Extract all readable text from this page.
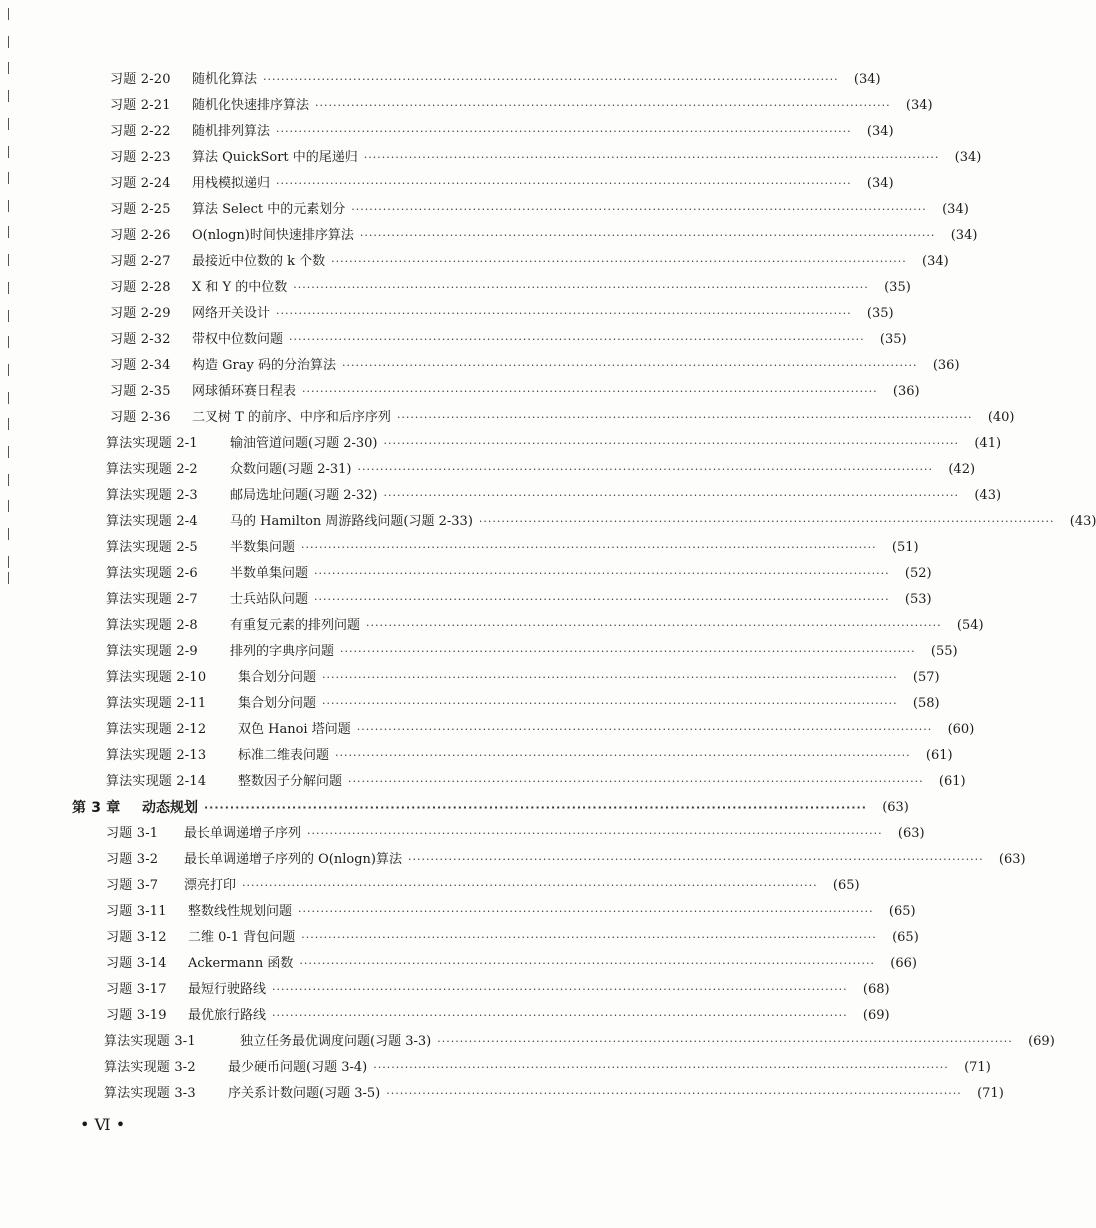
习题 2-20	随机化算法 ································································································································	(34)
习题 2-21	随机化快速排序算法 ································································································································	(34)
习题 2-22	随机排列算法 ································································································································	(34)
习题 2-23	算法 QuickSort 中的尾递归 ································································································································	(34)
习题 2-24	用栈模拟递归 ································································································································	(34)
习题 2-25	算法 Select 中的元素划分 ································································································································	(34)
习题 2-26	O(nlogn)时间快速排序算法 ································································································································	(34)
习题 2-27	最接近中位数的 k 个数 ································································································································	(34)
习题 2-28	X 和 Y 的中位数 ································································································································	(35)
习题 2-29	网络开关设计 ································································································································	(35)
习题 2-32	带权中位数问题 ································································································································	(35)
习题 2-34	构造 Gray 码的分治算法 ································································································································	(36)
习题 2-35	网球循环赛日程表 ································································································································	(36)
习题 2-36	二叉树 T 的前序、中序和后序序列 ································································································································	(40)
算法实现题 2-1	输油管道问题(习题 2-30) ································································································································	(41)
算法实现题 2-2	众数问题(习题 2-31) ································································································································	(42)
算法实现题 2-3	邮局选址问题(习题 2-32) ································································································································	(43)
算法实现题 2-4	马的 Hamilton 周游路线问题(习题 2-33) ································································································································	(43)
算法实现题 2-5	半数集问题 ································································································································	(51)
算法实现题 2-6	半数单集问题 ································································································································	(52)
算法实现题 2-7	士兵站队问题 ································································································································	(53)
算法实现题 2-8	有重复元素的排列问题 ································································································································	(54)
算法实现题 2-9	排列的字典序问题 ································································································································	(55)
算法实现题 2-10	集合划分问题 ································································································································	(57)
算法实现题 2-11	集合划分问题 ································································································································	(58)
算法实现题 2-12	双色 Hanoi 塔问题 ································································································································	(60)
算法实现题 2-13	标准二维表问题 ································································································································	(61)
算法实现题 2-14	整数因子分解问题 ································································································································	(61)
第 3 章	动态规划 ································································································································	(63)
习题 3-1	最长单调递增子序列 ································································································································	(63)
习题 3-2	最长单调递增子序列的 O(nlogn)算法 ································································································································	(63)
习题 3-7	漂亮打印 ································································································································	(65)
习题 3-11	整数线性规划问题 ································································································································	(65)
习题 3-12	二维 0-1 背包问题 ································································································································	(65)
习题 3-14	Ackermann 函数 ································································································································	(66)
习题 3-17	最短行驶路线 ································································································································	(68)
习题 3-19	最优旅行路线 ································································································································	(69)
算法实现题 3-1	独立任务最优调度问题(习题 3-3) ································································································································	(69)
算法实现题 3-2	最少硬币问题(习题 3-4) ································································································································	(71)
算法实现题 3-3	序关系计数问题(习题 3-5) ································································································································	(71)
• Ⅵ •
